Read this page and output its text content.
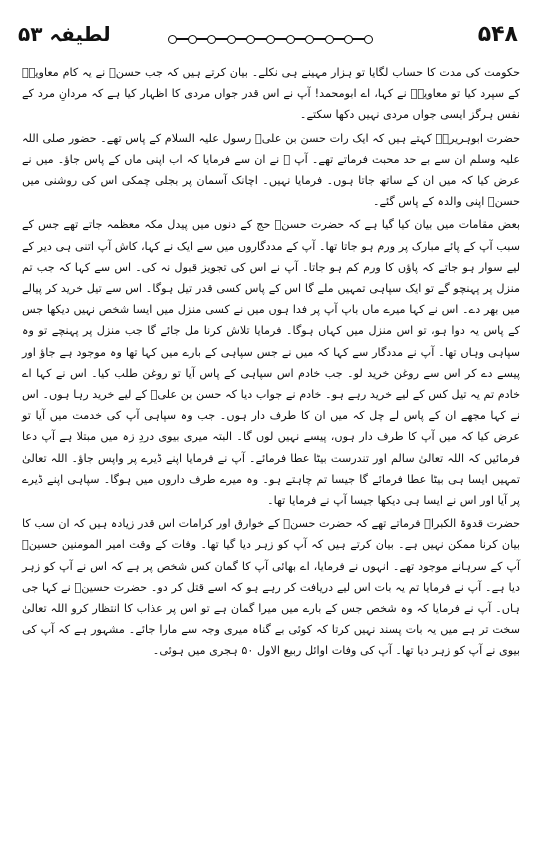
لطیفہ ۵۳	۵۴۸

حکومت کی مدت کا حساب لگایا تو ہزار مہینے ہی نکلے۔ بیان کرتے ہیں کہ جب حسنؓ نے یہ کام معاویہؓ کے سپرد کیا تو معاویہؓ نے کہا، اے ابومحمد! آپ نے اس قدر جواں مردی کا اظہار کیا ہے کہ مردانِ مرد کے نفس ہرگز ایسی جواں مردی نہیں دکھا سکتے۔

حضرت ابوہریرہؓ کہتے ہیں کہ ایک رات حسن بن علیؓ رسول علیہ السلام کے پاس تھے۔ حضور صلی اللہ علیہ وسلم ان سے بے حد محبت فرماتے تھے۔ آپ ﷺ نے ان سے فرمایا کہ اب اپنی ماں کے پاس جاؤ۔ میں نے عرض کیا کہ میں ان کے ساتھ جاتا ہوں۔ فرمایا نہیں۔ اچانک آسمان پر بجلی چمکی اس کی روشنی میں حسنؓ اپنی والدہ کے پاس گئے۔

بعض مقامات میں بیان کیا گیا ہے کہ حضرت حسنؓ حج کے دنوں میں پیدل مکہ معظمہ جاتے تھے جس کے سبب آپ کے پائے مبارک پر ورم ہو جاتا تھا۔ آپ کے مددگاروں میں سے ایک نے کہا، کاش آپ اتنی ہی دیر کے لیے سوار ہو جاتے کہ پاؤں کا ورم کم ہو جاتا۔ آپ نے اس کی تجویز قبول نہ کی۔ اس سے کہا کہ جب تم منزل پر پہنچو گے تو ایک سپاہی تمہیں ملے گا اس کے پاس کسی قدر تیل ہوگا۔ اس سے تیل خرید کر پیالے میں بھر دے۔ اس نے کہا میرے ماں باپ آپ پر فدا ہوں میں نے کسی منزل میں ایسا شخص نہیں دیکھا جس کے پاس یہ دوا ہو، تو اس منزل میں کہاں ہوگا۔ فرمایا تلاش کرنا مل جائے گا جب منزل پر پہنچے تو وہ سپاہی وہاں تھا۔ آپ نے مددگار سے کہا کہ میں نے جس سپاہی کے بارے میں کہا تھا وہ موجود ہے جاؤ اور پیسے دے کر اس سے روغن خرید لو۔ جب خادم اس سپاہی کے پاس آیا تو روغن طلب کیا۔ اس نے کہا اے خادم تم یہ تیل کس کے لیے خرید رہے ہو۔ خادم نے جواب دیا کہ حسن بن علیؓ کے لیے خرید رہا ہوں۔ اس نے کہا مجھے ان کے پاس لے چل کہ میں ان کا طرف دار ہوں۔ جب وہ سپاہی آپ کی خدمت میں آیا تو عرض کیا کہ میں آپ کا طرف دار ہوں، پیسے نہیں لوں گا۔ البتہ میری بیوی دردِ زہ میں مبتلا ہے آپ دعا فرمائیں کہ اللہ تعالیٰ سالم اور تندرست بیٹا عطا فرمائے۔ آپ نے فرمایا اپنے ڈیرے پر واپس جاؤ۔ اللہ تعالیٰ تمہیں ایسا ہی بیٹا عطا فرمائے گا جیسا تم چاہتے ہو۔ وہ میرے طرف داروں میں ہوگا۔ سپاہی اپنے ڈیرے پر آیا اور اس نے ایسا ہی دیکھا جیسا آپ نے فرمایا تھا۔

حضرت قدوۃ الکبراؒ فرماتے تھے کہ حضرت حسنؓ کے خوارق اور کرامات اس قدر زیادہ ہیں کہ ان سب کا بیان کرنا ممکن نہیں ہے۔ بیان کرتے ہیں کہ آپ کو زہر دیا گیا تھا۔ وفات کے وقت امیر المومنین حسینؓ آپ کے سرہانے موجود تھے۔ انہوں نے فرمایا، اے بھائی آپ کا گمان کس شخص پر ہے کہ اس نے آپ کو زہر دیا ہے۔ آپ نے فرمایا تم یہ بات اس لیے دریافت کر رہے ہو کہ اسے قتل کر دو۔ حضرت حسینؓ نے کہا جی ہاں۔ آپ نے فرمایا کہ وہ شخص جس کے بارے میں میرا گمان ہے تو اس پر عذاب کا انتظار کرو اللہ تعالیٰ سخت تر ہے میں یہ بات پسند نہیں کرتا کہ کوئی بے گناہ میری وجہ سے مارا جائے۔ مشہور ہے کہ آپ کی بیوی نے آپ کو زہر دیا تھا۔ آپ کی وفات اوائل ربیع الاول ۵۰ ہجری میں ہوئی۔
